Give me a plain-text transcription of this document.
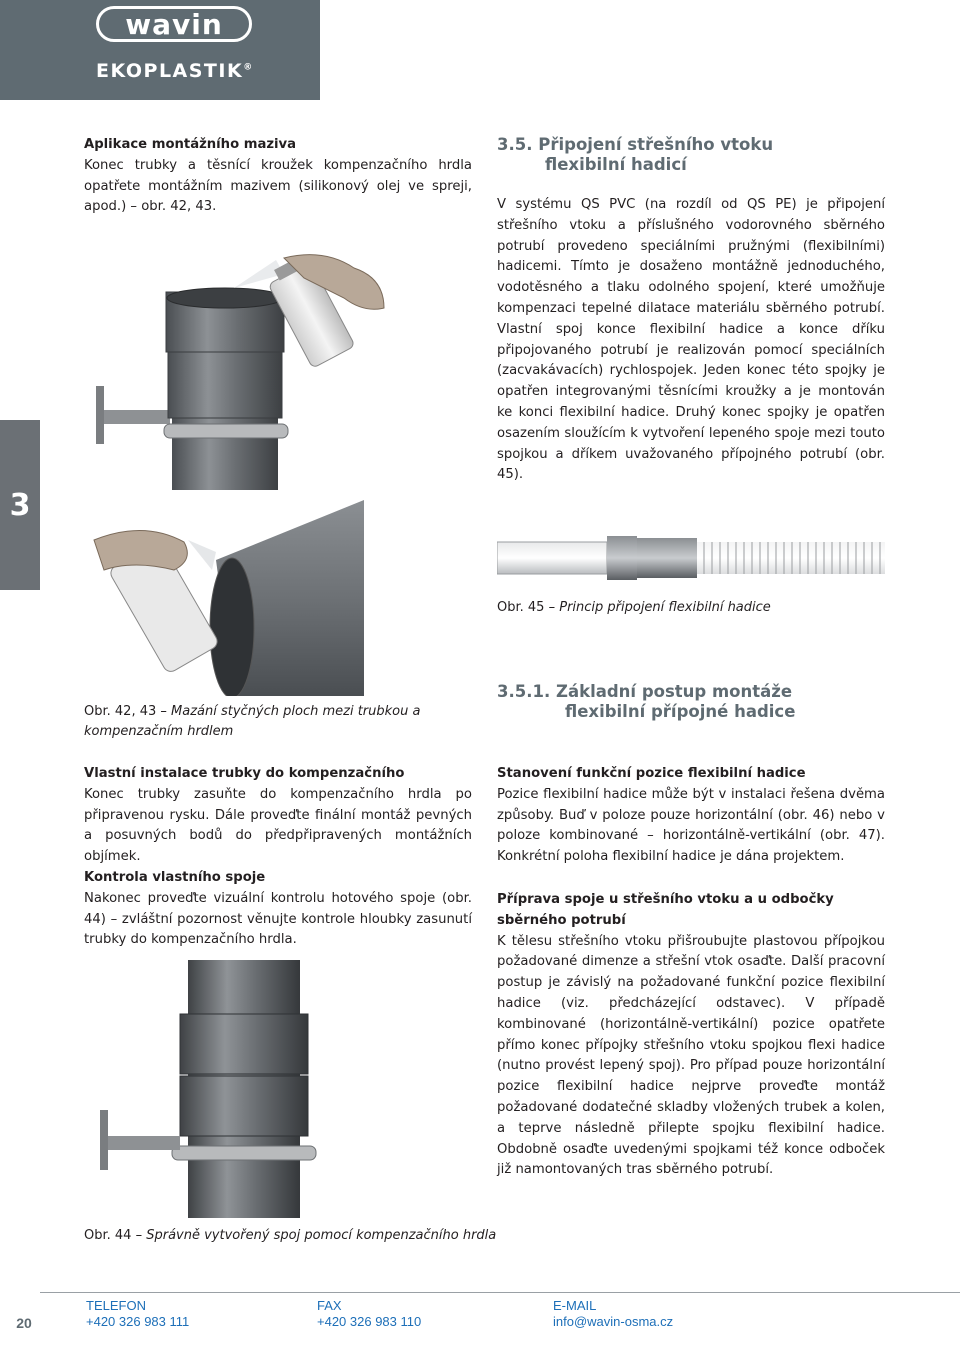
wavin
EKOPLASTIK®
3
Aplikace montážního maziva
Konec trubky a těsnící kroužek kompenzačního hrdla opatřete montážním mazivem (silikonový olej ve spreji, apod.) – obr. 42, 43.
Obr. 42, 43 – Mazání styčných ploch mezi trubkou a kompenzačním hrdlem
Vlastní instalace trubky do kompenzačního
Konec trubky zasuňte do kompenzačního hrdla po připravenou rysku. Dále proveďte finální montáž pevných a posuvných bodů do předpřipravených montážních objímek.
Kontrola vlastního spoje
Nakonec proveďte vizuální kontrolu hotového spoje (obr. 44) – zvláštní pozornost věnujte kontrole hloubky zasunutí trubky do kompenzačního hrdla.
Obr. 44 – Správně vytvořený spoj pomocí kompenzačního hrdla
3.5. Připojení střešního vtoku
flexibilní hadicí
V systému QS PVC (na rozdíl od QS PE) je připojení střešního vtoku a příslušného vodorovného sběrného potrubí provedeno speciálními pružnými (flexibilními) hadicemi. Tímto je dosaženo montážně jednoduchého, vodotěsného a tlaku odolného spojení, které umožňuje kompenzaci tepelné dilatace materiálu sběrného potrubí. Vlastní spoj konce flexibilní hadice a konce dříku připojovaného potrubí je realizován pomocí speciálních (zacvakávacích) rychlospojek. Jeden konec této spojky je opatřen integrovanými těsnícími kroužky a je montován ke konci flexibilní hadice. Druhý konec spojky je opatřen osazením sloužícím k vytvoření lepeného spoje mezi touto spojkou a dříkem uvažovaného přípojného potrubí (obr. 45).
Obr. 45 – Princip připojení flexibilní hadice
3.5.1. Základní postup montáže
flexibilní přípojné hadice
Stanovení funkční pozice flexibilní hadice
Pozice flexibilní hadice může být v instalaci řešena dvěma způsoby. Buď v poloze pouze horizontální (obr. 46) nebo v poloze kombinované – horizontálně-vertikální (obr. 47). Konkrétní poloha flexibilní hadice je dána projektem.
Příprava spoje u střešního vtoku a u odbočky sběrného potrubí
K tělesu střešního vtoku přišroubujte plastovou přípojkou požadované dimenze a střešní vtok osaďte. Další pracovní postup je závislý na požadované funkční pozice flexibilní hadice (viz. předcházející odstavec). V případě kombinované (horizontálně-vertikální) pozice opatřete přímo konec přípojky střešního vtoku spojkou flexi hadice (nutno provést lepený spoj). Pro případ pouze horizontální pozice flexibilní hadice nejprve proveďte montáž požadované dodatečné skladby vložených trubek a kolen, a teprve následně přilepte spojku flexibilní hadice. Obdobně osaďte uvedenými spojkami též konce odboček již namontovaných tras sběrného potrubí.
20
TELEFON
+420 326 983 111
FAX
+420 326 983 110
E-MAIL
info@wavin-osma.cz
